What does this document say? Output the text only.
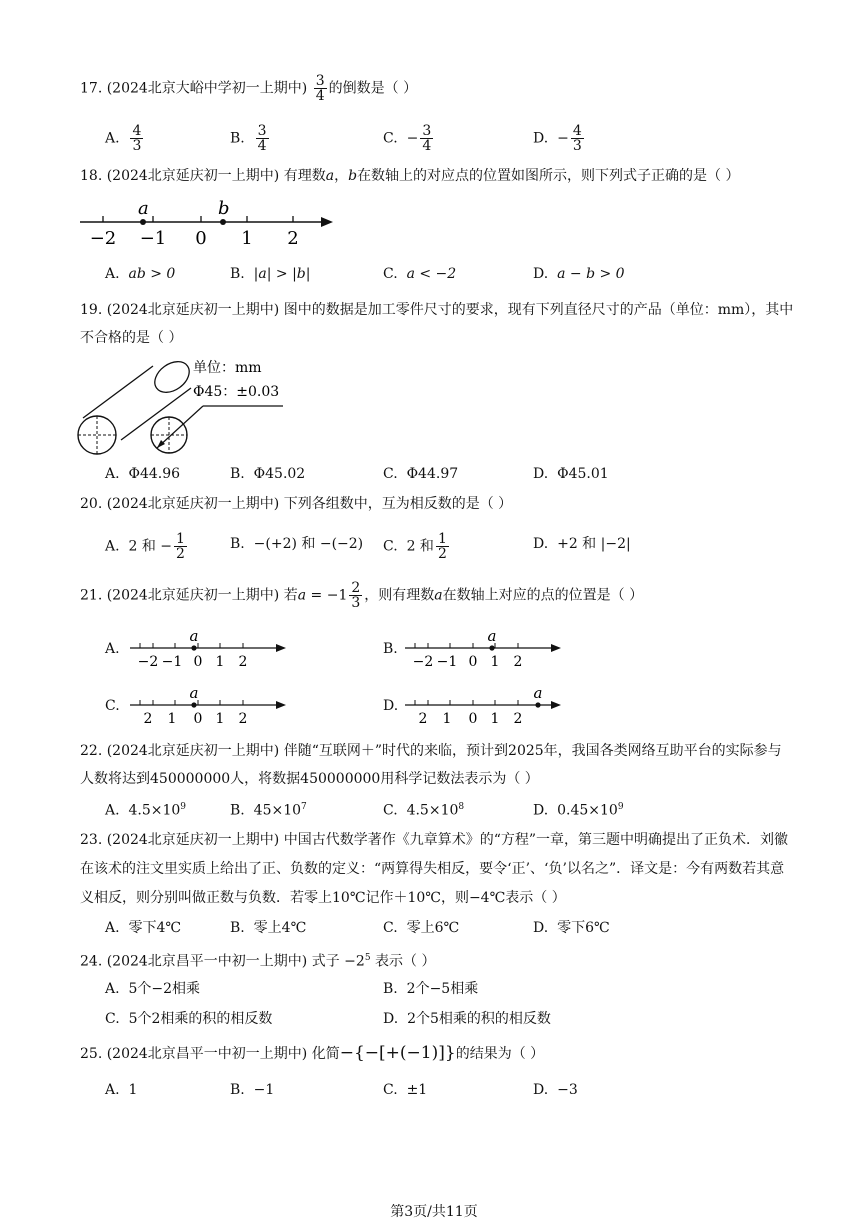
17. (2024北京大峪中学初一上期中) $\frac{3}{4}$ 的倒数是（ ）
A. $\frac{4}{3}$	B. $\frac{3}{4}$	C. − $\frac{3}{4}$	D. − $\frac{4}{3}$
18. (2024北京延庆初一上期中) 有理数a，b在数轴上的对应点的位置如图所示，则下列式子正确的是（ ）
−2 −1 0 1 2
a	b
A. ab > 0	B. |a| > |b|	C. a < −2	D. a − b > 0
19. (2024北京延庆初一上期中) 图中的数据是加工零件尺寸的要求，现有下列直径尺寸的产品（单位：mm），其中不合格的是（ ）
单位：mm
Φ45：±0.03
A. Φ44.96	B. Φ45.02	C. Φ44.97	D. Φ45.01
20. (2024北京延庆初一上期中) 下列各组数中，互为相反数的是（ ）
A. 2 和 − $\frac{1}{2}$	B. −(+2) 和 −(−2) C. 2 和 $\frac{1}{2}$	D. +2 和 |−2|
21. (2024北京延庆初一上期中) 若$a = -1 \frac{2}{3}$ ，则有理数a在数轴上对应的点的位置是（ ）
A.
−2 −1 0 1 2
a
B.
−2 −1 0 1 2
a
C.
2 1 0 1 2
a
D.
2 1 0 1 2
a
22. (2024北京延庆初一上期中) 伴随“互联网＋”时代的来临，预计到2025年，我国各类网络互助平台的实际参与人数将达到450000000人，将数据450000000用科学记数法表示为（ ）
A. $4.5\times 10^9$	B. $45\times 10^7$	C. $4.5\times 10^8$	D. $0.45\times 10^9$
23. (2024北京延庆初一上期中) 中国古代数学著作《九章算术》的“方程”一章，第三题中明确提出了正负术．刘徽在该术的注文里实质上给出了正、负数的定义：“两算得失相反，要令‘正’、‘负’以名之”．译文是：今有两数若其意义相反，则分别叫做正数与负数．若零上10℃记作＋10℃，则−4℃表示（ ）
A. 零下4℃	B. 零上4℃	C. 零上6℃	D. 零下6℃
24. (2024北京昌平一中初一上期中) 式子 $-2^5$ 表示（ ）
A. 5个−2相乘	B. 2个−5相乘
C. 5个2相乘的积的相反数	D. 2个5相乘的积的相反数
25. (2024北京昌平一中初一上期中) 化简−{−[+(−1)]}的结果为（ ）
A. 1	B. −1	C. ±1	D. −3
第3页/共11页
